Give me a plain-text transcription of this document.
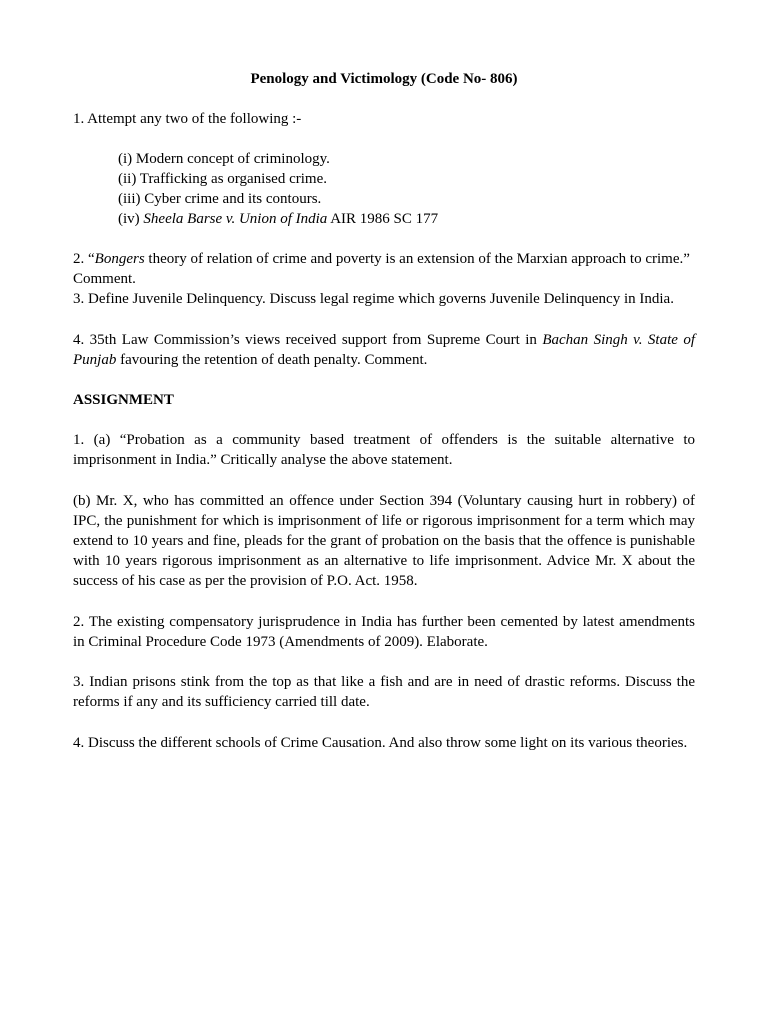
Penology and Victimology (Code No- 806)

1. Attempt any two of the following :-

(i) Modern concept of criminology.

(ii) Trafficking as organised crime.

(iii) Cyber crime and its contours.

(iv) Sheela Barse v. Union of India AIR 1986 SC 177

2. “Bongers theory of relation of crime and poverty is an extension of the Marxian approach to crime.” Comment.

3. Define Juvenile Delinquency. Discuss legal regime which governs Juvenile Delinquency in India.

4. 35th Law Commission’s views received support from Supreme Court in Bachan Singh v. State of Punjab favouring the retention of death penalty. Comment.

ASSIGNMENT

1. (a) “Probation as a community based treatment of offenders is the suitable alternative to imprisonment in India.” Critically analyse the above statement.

(b) Mr. X, who has committed an offence under Section 394 (Voluntary causing hurt in robbery) of IPC, the punishment for which is imprisonment of life or rigorous imprisonment for a term which may extend to 10 years and fine, pleads for the grant of probation on the basis that the offence is punishable with 10 years rigorous imprisonment as an alternative to life imprisonment. Advice Mr. X about the success of his case as per the provision of P.O. Act. 1958.

2. The existing compensatory jurisprudence in India has further been cemented by latest amendments in Criminal Procedure Code 1973 (Amendments of 2009). Elaborate.

3. Indian prisons stink from the top as that like a fish and are in need of drastic reforms. Discuss the reforms if any and its sufficiency carried till date.

4. Discuss the different schools of Crime Causation. And also throw some light on its various theories.
